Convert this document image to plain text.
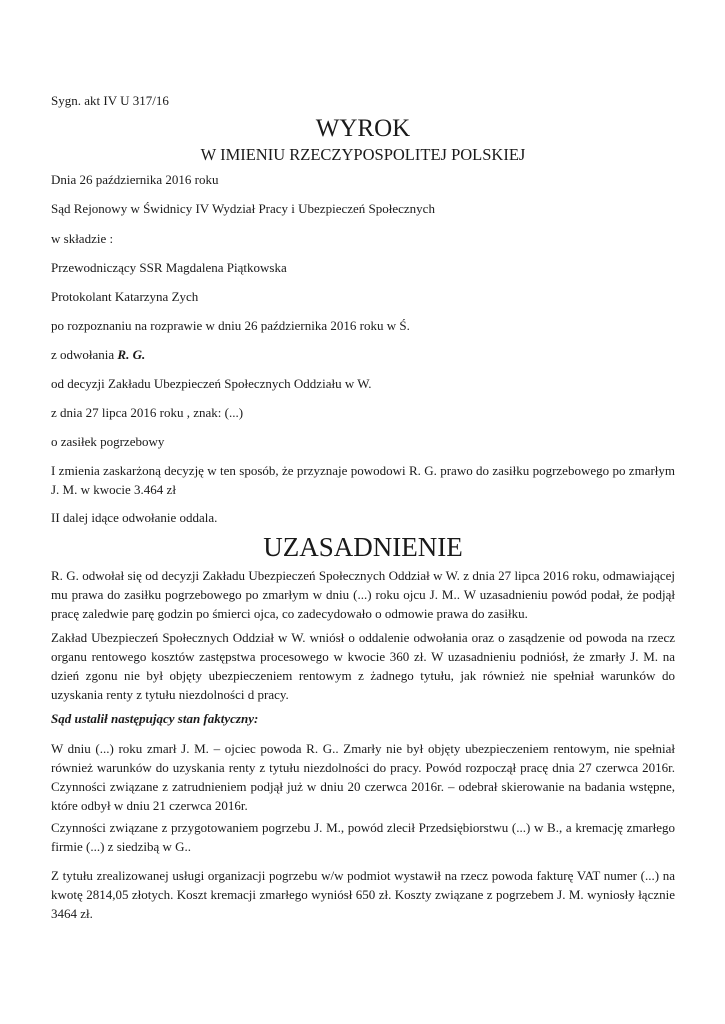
Sygn. akt IV U 317/16
WYROK
W IMIENIU RZECZYPOSPOLITEJ POLSKIEJ
Dnia 26 października 2016 roku
Sąd Rejonowy w Świdnicy IV Wydział Pracy i Ubezpieczeń Społecznych
w składzie :
Przewodniczący SSR Magdalena Piątkowska
Protokolant Katarzyna Zych
po rozpoznaniu na rozprawie w dniu 26 października 2016 roku w Ś.
z odwołania R. G.
od decyzji Zakładu Ubezpieczeń Społecznych Oddziału w W.
z dnia 27 lipca 2016 roku , znak: (...)
o zasiłek pogrzebowy
I zmienia zaskarżoną decyzję w ten sposób, że przyznaje powodowi R. G. prawo do zasiłku pogrzebowego po zmarłym J. M. w kwocie 3.464 zł
II dalej idące odwołanie oddala.
UZASADNIENIE
R. G. odwołał się od decyzji Zakładu Ubezpieczeń Społecznych Oddział w W. z dnia 27 lipca 2016 roku, odmawiającej mu prawa do zasiłku pogrzebowego po zmarłym w dniu (...) roku ojcu J. M.. W uzasadnieniu powód podał, że podjął pracę zaledwie parę godzin po śmierci ojca, co zadecydowało o odmowie prawa do zasiłku.
Zakład Ubezpieczeń Społecznych Oddział w W. wniósł o oddalenie odwołania oraz o zasądzenie od powoda na rzecz organu rentowego kosztów zastępstwa procesowego w kwocie 360 zł. W uzasadnieniu podniósł, że zmarły J. M. na dzień zgonu nie był objęty ubezpieczeniem rentowym z żadnego tytułu, jak również nie spełniał warunków do uzyskania renty z tytułu niezdolności d pracy.
Sąd ustalił następujący stan faktyczny:
W dniu (...) roku zmarł J. M. – ojciec powoda R. G.. Zmarły nie był objęty ubezpieczeniem rentowym, nie spełniał również warunków do uzyskania renty z tytułu niezdolności do pracy. Powód rozpoczął pracę dnia 27 czerwca 2016r. Czynności związane z zatrudnieniem podjął już w dniu 20 czerwca 2016r. – odebrał skierowanie na badania wstępne, które odbył w dniu 21 czerwca 2016r.
Czynności związane z przygotowaniem pogrzebu J. M., powód zlecił Przedsiębiorstwu (...) w B., a kremację zmarłego firmie (...) z siedzibą w G..
Z tytułu zrealizowanej usługi organizacji pogrzebu w/w podmiot wystawił na rzecz powoda fakturę VAT numer (...) na kwotę 2814,05 złotych. Koszt kremacji zmarłego wyniósł 650 zł. Koszty związane z pogrzebem J. M. wyniosły łącznie 3464 zł.
